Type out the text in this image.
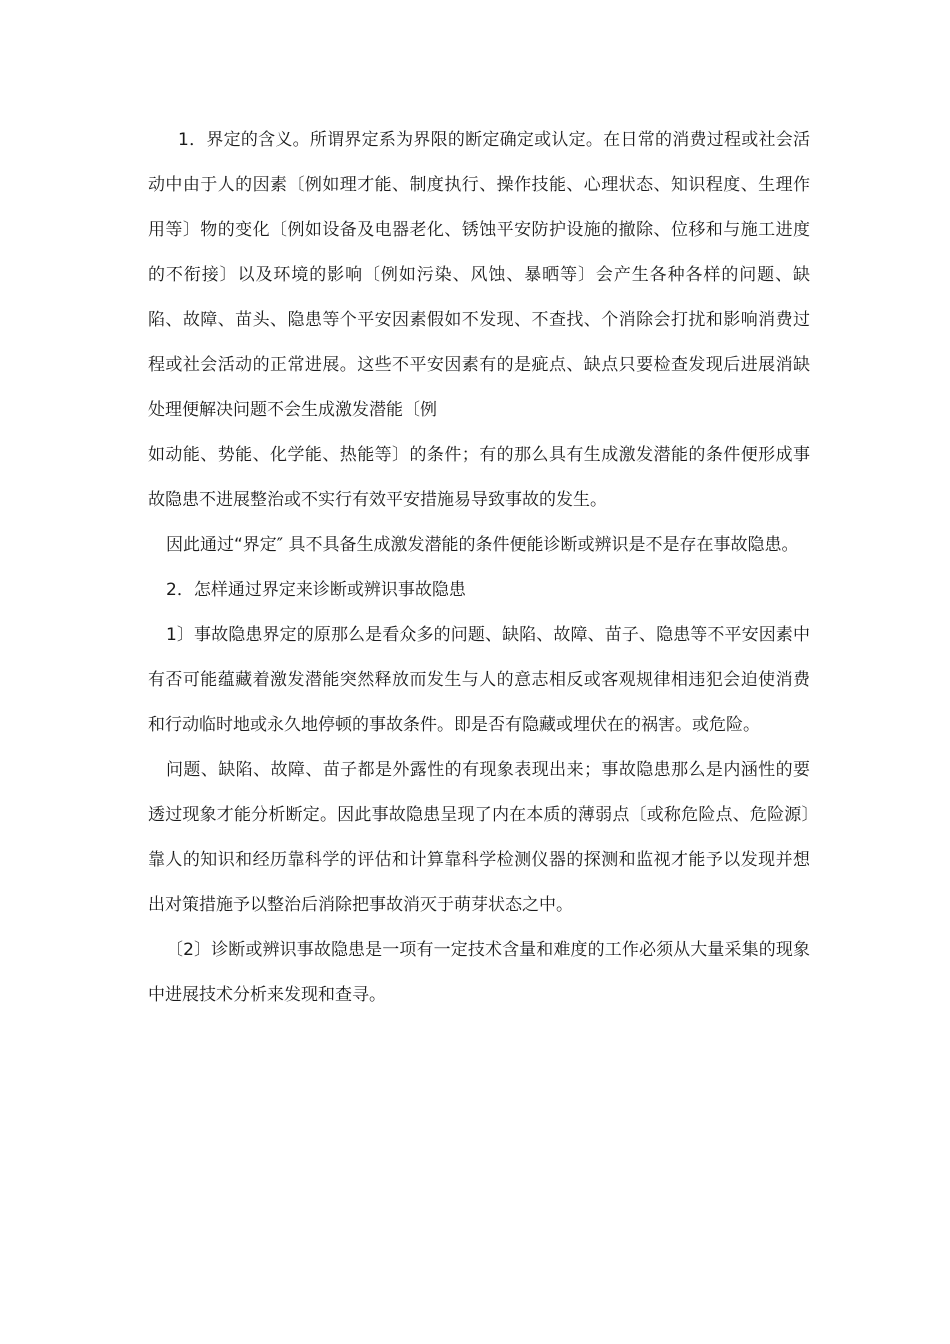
1．界定的含义。所谓界定系为界限的断定确定或认定。在日常的消费过程或社会活动中由于人的因素〔例如理才能、制度执行、操作技能、心理状态、知识程度、生理作用等〕物的变化〔例如设备及电器老化、锈蚀平安防护设施的撤除、位移和与施工进度的不衔接〕以及环境的影响〔例如污染、风蚀、暴晒等〕会产生各种各样的问题、缺陷、故障、苗头、隐患等个平安因素假如不发现、不查找、个消除会打扰和影响消费过程或社会活动的正常进展。这些不平安因素有的是疵点、缺点只要检查发现后进展消缺处理便解决问题不会生成激发潜能〔例

如动能、势能、化学能、热能等〕的条件；有的那么具有生成激发潜能的条件便形成事故隐患不进展整治或不实行有效平安措施易导致事故的发生。

因此通过“界定″ 具不具备生成激发潜能的条件便能诊断或辨识是不是存在事故隐患。

2．怎样通过界定来诊断或辨识事故隐患

1〕事故隐患界定的原那么是看众多的问题、缺陷、故障、苗子、隐患等不平安因素中有否可能蕴藏着激发潜能突然释放而发生与人的意志相反或客观规律相违犯会迫使消费和行动临时地或永久地停顿的事故条件。即是否有隐藏或埋伏在的祸害。或危险。

问题、缺陷、故障、苗子都是外露性的有现象表现出来；事故隐患那么是内涵性的要透过现象才能分析断定。因此事故隐患呈现了内在本质的薄弱点〔或称危险点、危险源〕靠人的知识和经历靠科学的评估和计算靠科学检测仪器的探测和监视才能予以发现并想出对策措施予以整治后消除把事故消灭于萌芽状态之中。

〔2〕诊断或辨识事故隐患是一项有一定技术含量和难度的工作必须从大量采集的现象中进展技术分析来发现和查寻。
